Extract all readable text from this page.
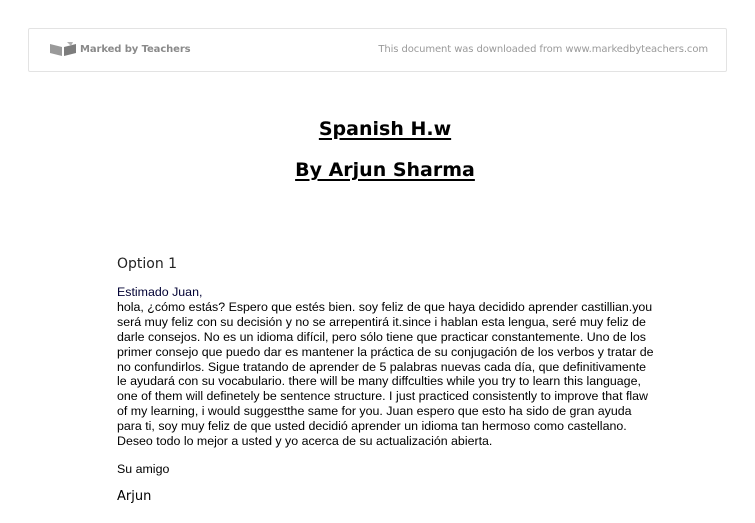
Marked by Teachers	This document was downloaded from www.markedbyteachers.com
Spanish H.w
By Arjun Sharma
Option 1
Estimado Juan,

hola, ¿cómo estás? Espero que estés bien. soy feliz de que haya decidido aprender castillian.you será muy feliz con su decisión y no se arrepentirá it.since i hablan esta lengua, seré muy feliz de darle consejos. No es un idioma difícil, pero sólo tiene que practicar constantemente. Uno de los primer consejo que puedo dar es mantener la práctica de su conjugación de los verbos y tratar de no confundirlos. Sigue tratando de aprender de 5 palabras nuevas cada día, que definitivamente le ayudará con su vocabulario. there will be many diffculties while you try to learn this language, one of them will definetely be sentence structure. I just practiced consistently to improve that flaw of my learning, i would suggestthe same for you. Juan espero que esto ha sido de gran ayuda para ti, soy muy feliz de que usted decidió aprender un idioma tan hermoso como castellano. Deseo todo lo mejor a usted y yo acerca de su actualización abierta.

Su amigo
Arjun
